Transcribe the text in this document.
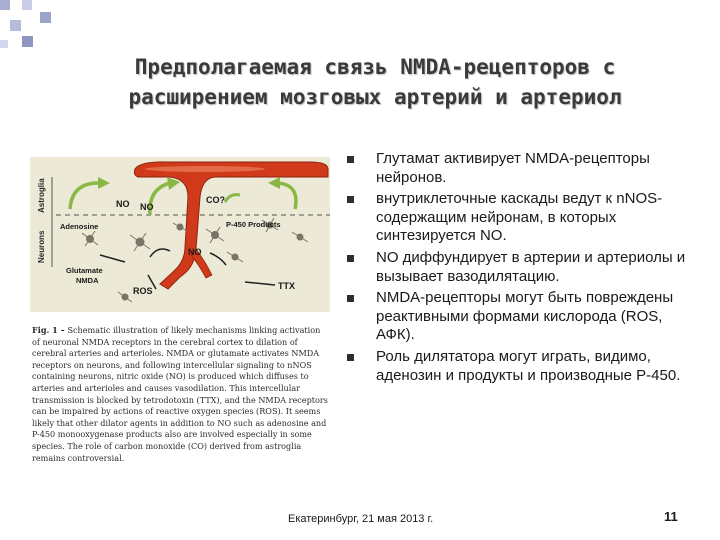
Предполагаемая связь NMDA-рецепторов с расширением мозговых артерий и артериол
Neurons
Astroglia	NO NO
CO?
Adenosine	P-450 Products
NO
Glutamate
NMDA
ROS	TTX
Fig. 1 – Schematic illustration of likely mechanisms linking activation of neuronal NMDA receptors in the cerebral cortex to dilation of cerebral arteries and arterioles. NMDA or glutamate activates NMDA receptors on neurons, and following intercellular signaling to nNOS containing neurons, nitric oxide (NO) is produced which diffuses to arteries and arterioles and causes vasodilation. This intercellular transmission is blocked by tetrodotoxin (TTX), and the NMDA receptors can be impaired by actions of reactive oxygen species (ROS). It seems likely that other dilator agents in addition to NO such as adenosine and P-450 monooxygenase products also are involved especially in some species. The role of carbon monoxide (CO) derived from astroglia remains controversial.
Глутамат активирует NMDA-рецепторы нейронов.
внутриклеточные каскады ведут к nNOS-содержащим нейронам, в которых синтезируется NO.
NO диффундирует в артерии и артериолы и вызывает вазодилятацию.
NMDA-рецепторы могут быть повреждены реактивными формами кислорода (ROS, АФК).
Роль дилятатора могут играть, видимо, аденозин и продукты и производные P-450.
Екатеринбург, 21 мая 2013 г.	11
